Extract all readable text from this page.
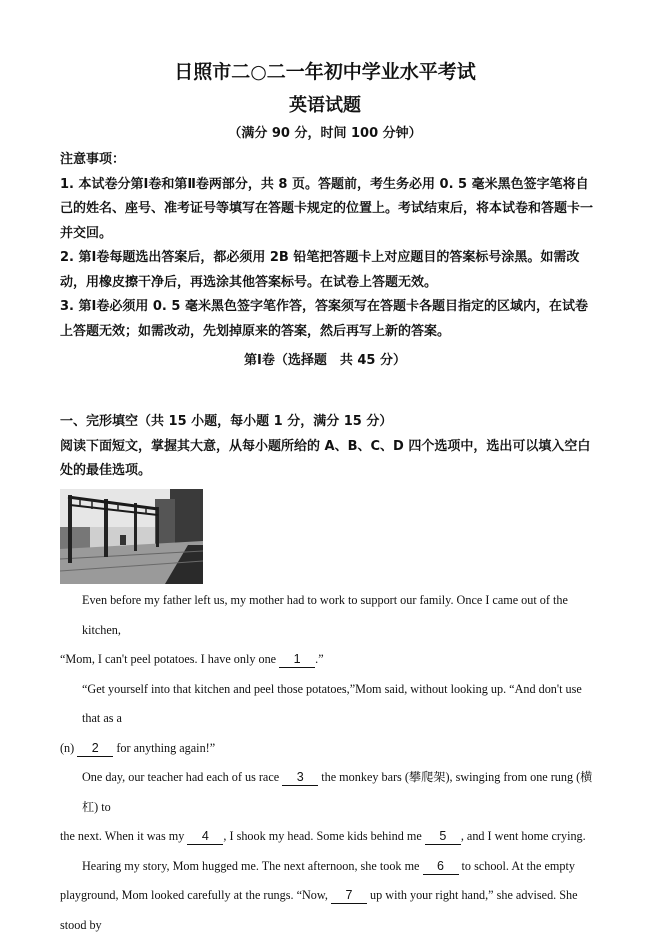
日照市二○二一年初中学业水平考试
英语试题
（满分 90 分，时间 100 分钟）

注意事项：

1. 本试卷分第Ⅰ卷和第Ⅱ卷两部分，共 8 页。答题前，考生务必用 0. 5 毫米黑色签字笔将自己的姓名、座号、准考证号等填写在答题卡规定的位置上。考试结束后，将本试卷和答题卡一并交回。

2. 第Ⅰ卷每题选出答案后，都必须用 2B 铅笔把答题卡上对应题目的答案标号涂黑。如需改动，用橡皮擦干净后，再选涂其他答案标号。在试卷上答题无效。

3. 第Ⅰ卷必须用 0. 5 毫米黑色签字笔作答，答案须写在答题卡各题目指定的区域内，在试卷上答题无效；如需改动，先划掉原来的答案，然后再写上新的答案。

第Ⅰ卷（选择题　共 45 分）

一、完形填空（共 15 小题，每小题 1 分，满分 15 分）

阅读下面短文，掌握其大意，从每小题所给的 A、B、C、D 四个选项中，选出可以填入空白处的最佳选项。

Even before my father left us, my mother had to work to support our family. Once I came out of the kitchen,
“Mom, I can't peel potatoes. I have only one 1 .”
“Get yourself into that kitchen and peel those potatoes,”Mom said, without looking up. “And don't use that as a
(n) 2 for anything again!”
One day, our teacher had each of us race 3 the monkey bars (攀爬架), swinging from one rung (横杠) to
the next. When it was my 4 , I shook my head. Some kids behind me 5 , and I went home crying.
Hearing my story, Mom hugged me. The next afternoon, she took me 6 to school. At the empty
playground, Mom looked carefully at the rungs. “Now, 7 up with your right hand,” she advised. She stood by
